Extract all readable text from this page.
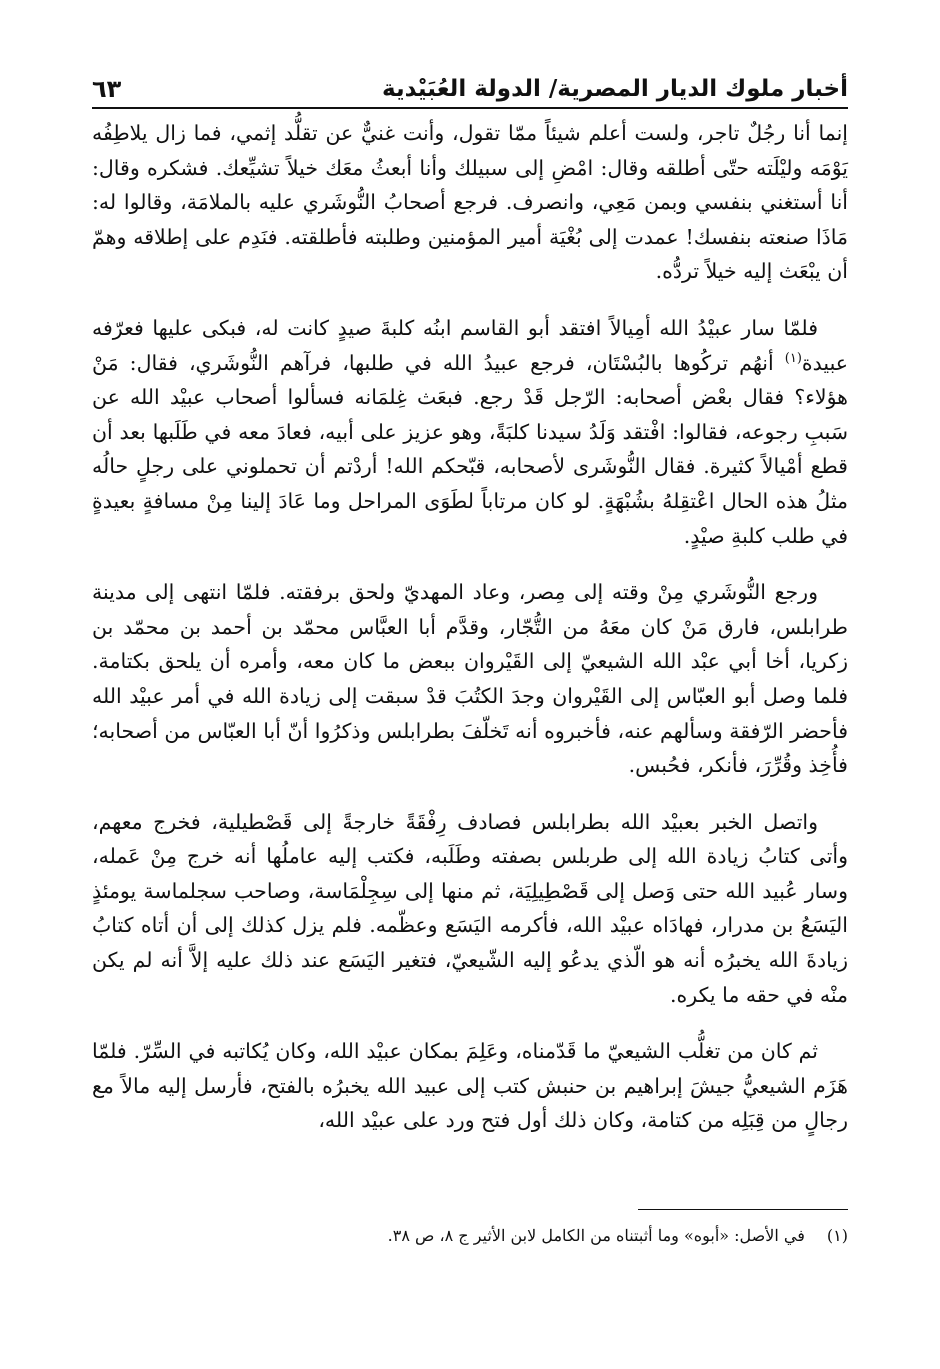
أخبار ملوك الديار المصرية/ الدولة العُبَيْدية
٦٣

إنما أنا رجُلٌ تاجر، ولست أعلم شيئاً ممّا تقول، وأنت غنيٌّ عن تقلُّد إثمي، فما زال يلاطِفُه يَوْمَه وليْلَته حتّى أطلقه وقال: امْضِ إلى سبيلك وأنا أبعثُ معَك خيلاً تشيِّعك. فشكره وقال: أنا أستغني بنفسي وبمن مَعِي، وانصرف. فرجع أصحابُ النُّوشَري عليه بالملامَة، وقالوا له: مَاذَا صنعته بنفسك! عمدت إلى بُغْيَة أمير المؤمنين وطلبته فأطلقته. فنَدِم على إطلاقه وهمّ أن يبْعَث إليه خيلاً تردُّه.

فلمّا سار عبيْدُ الله أمِيالاً افتقد أبو القاسم ابنُه كلبةَ صيدٍ كانت له، فبكى عليها فعرّفه عبيدة$^{(١)}$ أنهُم تركُوها بالبُسْتَان، فرجع عبيدُ الله في طلبها، فرآهم النُّوشَري، فقال: مَنْ هؤلاء؟ فقال بعْض أصحابه: الرّجل قَدْ رجع. فبعَث غِلمَانه فسألوا أصحاب عبيْد الله عن سَببِ رجوعه، فقالوا: افْتقد وَلَدُ سيدنا كلبَةً، وهو عزيز على أبيه، فعادَ معه في طَلَبها بعد أن قطع أمْيالاً كثيرة. فقال النُّوشَرى لأصحابه، قبّحكم الله! أردْتم أن تحملوني على رجلٍ حالُه مثلُ هذه الحال اعْتقِلهُ بشُبْهَةٍ. لو كان مرتاباً لطَوَى المراحل وما عَادَ إلينا مِنْ مسافةٍ بعيدةٍ في طلب كلبةِ صيْدٍ.

ورجع النُّوشَري مِنْ وقته إلى مِصر، وعاد المهديّ ولحق برفقته. فلمّا انتهى إلى مدينة طرابلس، فارق مَنْ كان معَهُ من التُّجّار، وقدَّم أبا العبَّاس محمّد بن أحمد بن محمّد بن زكريا، أخا أبي عبْد الله الشيعيّ إلى القَيْروان ببعض ما كان معه، وأمره أن يلحق بكتامة. فلما وصل أبو العبّاس إلى القَيْروان وجدَ الكتُبَ قدْ سبقت إلى زيادة الله في أمر عبيْد الله فأحضر الرّفقة وسألهم عنه، فأخبروه أنه تَخلّفَ بطرابلس وذكرُوا أنّ أبا العبّاس من أصحابه؛ فأُخِذ وقُرِّرَ، فأنكر، فحُبس.

واتصل الخبر بعبيْد الله بطرابلس فصادف رِفْقَةً خارجةً إلى قَصْطيلية، فخرج معهم، وأتى كتابُ زيادة الله إلى طربلس بصفته وطَلَبه، فكتب إليه عاملُها أنه خرج مِنْ عَمله، وسار عُبيد الله حتى وَصل إلى قَصْطِيلِيَة، ثم منها إلى سِجِلْمَاسة، وصاحب سجلماسة يومئذٍ اليَسَعُ بن مدرار، فهادَاه عبيْد الله، فأكرمه اليَسَع وعظّمه. فلم يزل كذلك إلى أن أتاه كتابُ زيادةَ الله يخبرُه أنه هو الّذي يدعُو إليه الشّيعيّ، فتغير اليَسَع عند ذلك عليه إلاَّ أنه لم يكن منْه في حقه ما يكره.

ثم كان من تغلُّب الشيعيّ ما قَدّمناه، وعَلِمَ بمكان عبيْد الله، وكان يُكاتبه في السِّرّ. فلمّا هَزَم الشيعيُّ جيشَ إبراهيم بن حنبش كتب إلى عبيد الله يخبرُه بالفتح، فأرسل إليه مالاً مع رجالٍ من قِبَلِه من كتامة، وكان ذلك أول فتح ورد على عبيْد الله،

(١)في الأصل: «أبوه» وما أثبتناه من الكامل لابن الأثير ج ٨، ص ٣٨.
